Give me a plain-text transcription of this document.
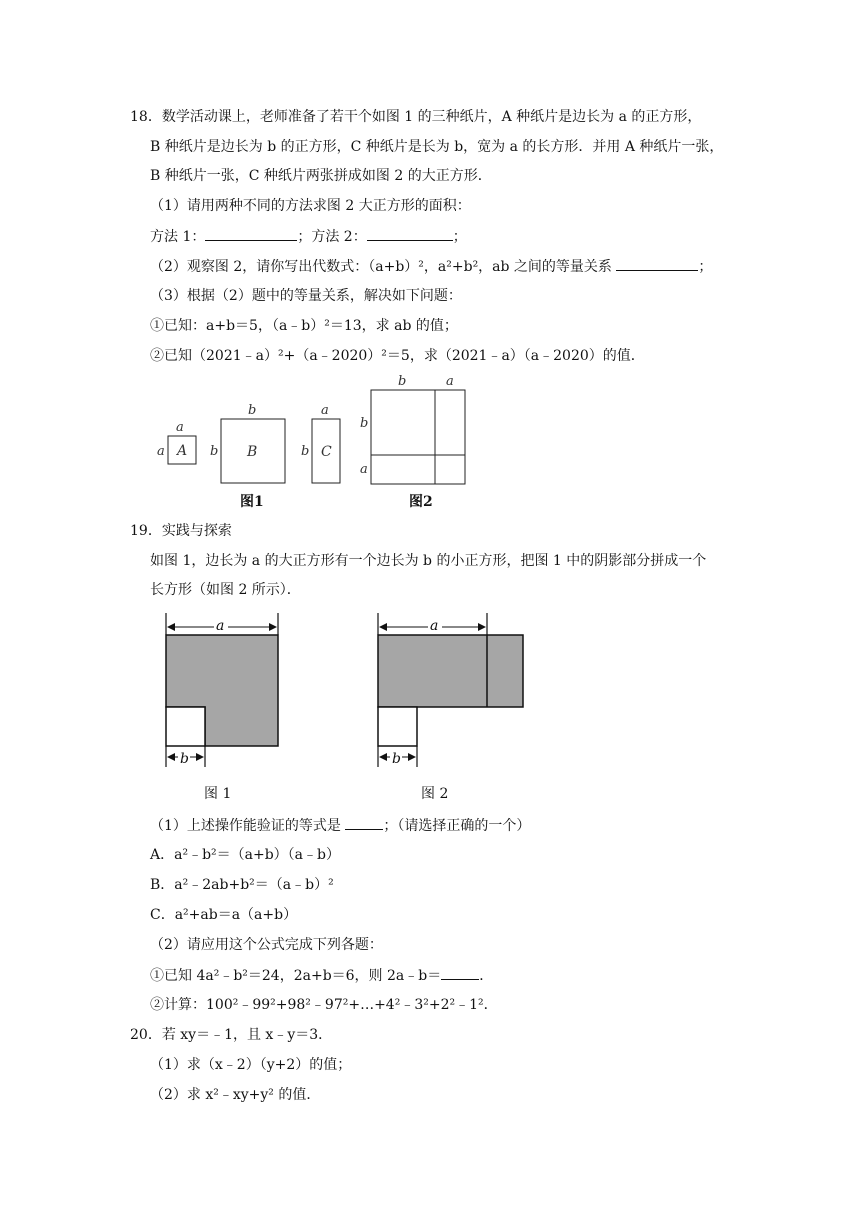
18．数学活动课上，老师准备了若干个如图 1 的三种纸片，A 种纸片是边长为 a 的正方形，
B 种纸片是边长为 b 的正方形，C 种纸片是长为 b，宽为 a 的长方形．并用 A 种纸片一张，
B 种纸片一张，C 种纸片两张拼成如图 2 的大正方形．
（1）请用两种不同的方法求图 2 大正方形的面积：
方法 1：	；方法 2：	；
（2）观察图 2，请你写出代数式：（a+b）²，a²+b²，ab 之间的等量关系	；
（3）根据（2）题中的等量关系，解决如下问题：
①已知：a+b＝5，（a﹣b）²＝13，求 ab 的值；
②已知（2021﹣a）²+（a﹣2020）²＝5，求（2021﹣a）（a﹣2020）的值．
a
a
b
b
a
b
b	a
b
a
A	B	C
图1	图2
19．实践与探索
如图 1，边长为 a 的大正方形有一个边长为 b 的小正方形，把图 1 中的阴影部分拼成一个
长方形（如图 2 所示）．
a
b
a
b
图 1	图 2
（1）上述操作能验证的等式是	；（请选择正确的一个）
A．a²﹣b²＝（a+b）（a﹣b）
B．a²﹣2ab+b²＝（a﹣b）²
C．a²+ab＝a（a+b）
（2）请应用这个公式完成下列各题：
①已知 4a²﹣b²＝24，2a+b＝6，则 2a﹣b＝	．
②计算：100²﹣99²+98²﹣97²+…+4²﹣3²+2²﹣1²．
20．若 xy＝﹣1，且 x﹣y＝3．
（1）求（x﹣2）（y+2）的值；
（2）求 x²﹣xy+y² 的值．
